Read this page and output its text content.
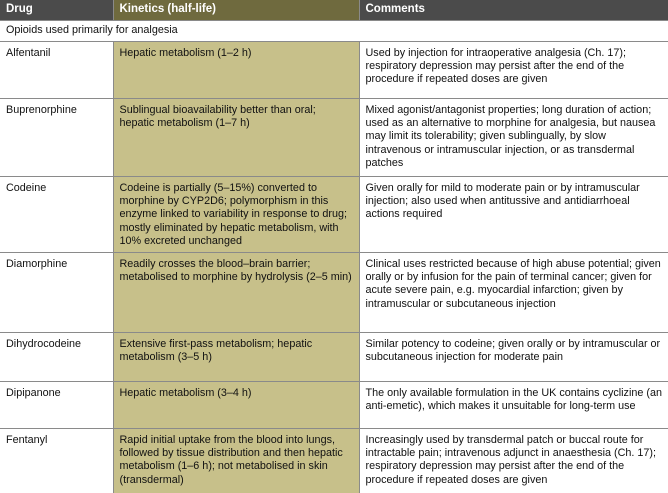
Drug	Kinetics (half-life)	Comments
Opioids used primarily for analgesia		
Alfentanil	Hepatic metabolism (1–2 h)	Used by injection for intraoperative analgesia (Ch. 17); respiratory depression may persist after the end of the procedure if repeated doses are given
Buprenorphine	Sublingual bioavailability better than oral; hepatic metabolism (1–7 h)	Mixed agonist/antagonist properties; long duration of action; used as an alternative to morphine for analgesia, but nausea may limit its tolerability; given sublingually, by slow intravenous or intramuscular injection, or as transdermal patches
Codeine	Codeine is partially (5–15%) converted to morphine by CYP2D6; polymorphism in this enzyme linked to variability in response to drug; mostly eliminated by hepatic metabolism, with 10% excreted unchanged	Given orally for mild to moderate pain or by intramuscular injection; also used when antitussive and antidiarrhoeal actions required
Diamorphine	Readily crosses the blood–brain barrier; metabolised to morphine by hydrolysis (2–5 min)	Clinical uses restricted because of high abuse potential; given orally or by infusion for the pain of terminal cancer; given for acute severe pain, e.g. myocardial infarction; given by intramuscular or subcutaneous injection
Dihydrocodeine	Extensive first-pass metabolism; hepatic metabolism (3–5 h)	Similar potency to codeine; given orally or by intramuscular or subcutaneous injection for moderate pain
Dipipanone	Hepatic metabolism (3–4 h)	The only available formulation in the UK contains cyclizine (an anti-emetic), which makes it unsuitable for long-term use
Fentanyl	Rapid initial uptake from the blood into lungs, followed by tissue distribution and then hepatic metabolism (1–6 h); not metabolised in skin (transdermal)	Increasingly used by transdermal patch or buccal route for intractable pain; intravenous adjunct in anaesthesia (Ch. 17); respiratory depression may persist after the end of the procedure if repeated doses are given
